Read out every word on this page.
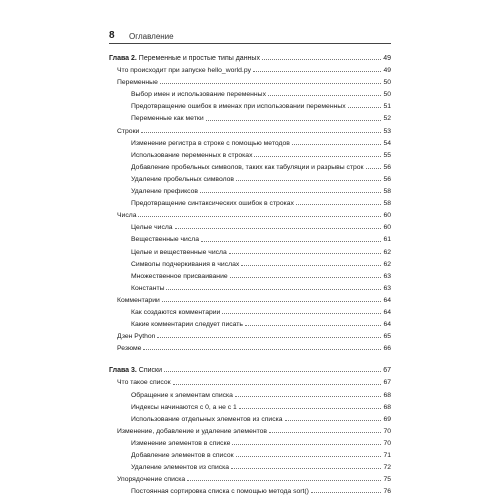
8	Оглавление
Глава 2. Переменные и простые типы данных	49
Что происходит при запуске hello_world.py	49
Переменные	50
Выбор имен и использование переменных	50
Предотвращение ошибок в именах при использовании переменных	51
Переменные как метки	52
Строки	53
Изменение регистра в строке с помощью методов	54
Использование переменных в строках	55
Добавление пробельных символов, таких как табуляции и разрывы строк	56
Удаление пробельных символов	56
Удаление префиксов	58
Предотвращение синтаксических ошибок в строках	58
Числа	60
Целые числа	60
Вещественные числа	61
Целые и вещественные числа	62
Символы подчеркивания в числах	62
Множественное присваивание	63
Константы	63
Комментарии	64
Как создаются комментарии	64
Какие комментарии следует писать	64
Дзен Python	65
Резюме	66
Глава 3. Списки	67
Что такое список	67
Обращение к элементам списка	68
Индексы начинаются с 0, а не с 1	68
Использование отдельных элементов из списка	69
Изменение, добавление и удаление элементов	70
Изменение элементов в списке	70
Добавление элементов в список	71
Удаление элементов из списка	72
Упорядочение списка	75
Постоянная сортировка списка с помощью метода sort()	76
